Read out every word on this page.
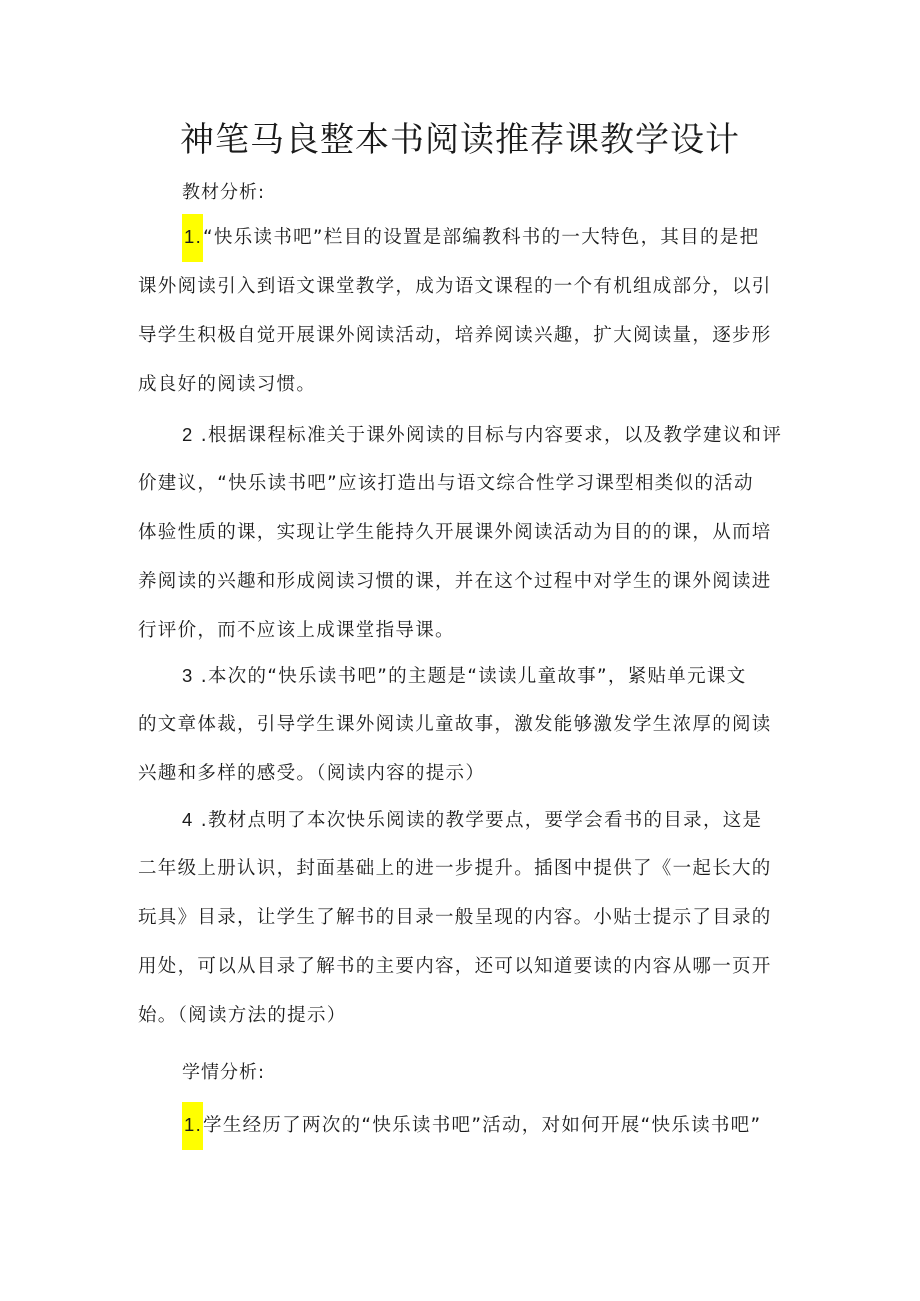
神笔马良整本书阅读推荐课教学设计
教材分析:
1.“快乐读书吧”栏目的设置是部编教科书的一大特色，其目的是把
课外阅读引入到语文课堂教学，成为语文课程的一个有机组成部分，以引
导学生积极自觉开展课外阅读活动，培养阅读兴趣，扩大阅读量，逐步形
成良好的阅读习惯。
2 .根据课程标准关于课外阅读的目标与内容要求，以及教学建议和评
价建议，“快乐读书吧”应该打造出与语文综合性学习课型相类似的活动
体验性质的课，实现让学生能持久开展课外阅读活动为目的的课，从而培
养阅读的兴趣和形成阅读习惯的课，并在这个过程中对学生的课外阅读进
行评价，而不应该上成课堂指导课。
3 .本次的“快乐读书吧”的主题是“读读儿童故事”，紧贴单元课文
的文章体裁，引导学生课外阅读儿童故事，激发能够激发学生浓厚的阅读
兴趣和多样的感受。（阅读内容的提示）
4 .教材点明了本次快乐阅读的教学要点，要学会看书的目录，这是
二年级上册认识，封面基础上的进一步提升。插图中提供了《一起长大的
玩具》目录，让学生了解书的目录一般呈现的内容。小贴士提示了目录的
用处，可以从目录了解书的主要内容，还可以知道要读的内容从哪一页开
始。（阅读方法的提示）
学情分析:
1.学生经历了两次的“快乐读书吧”活动，对如何开展“快乐读书吧”
